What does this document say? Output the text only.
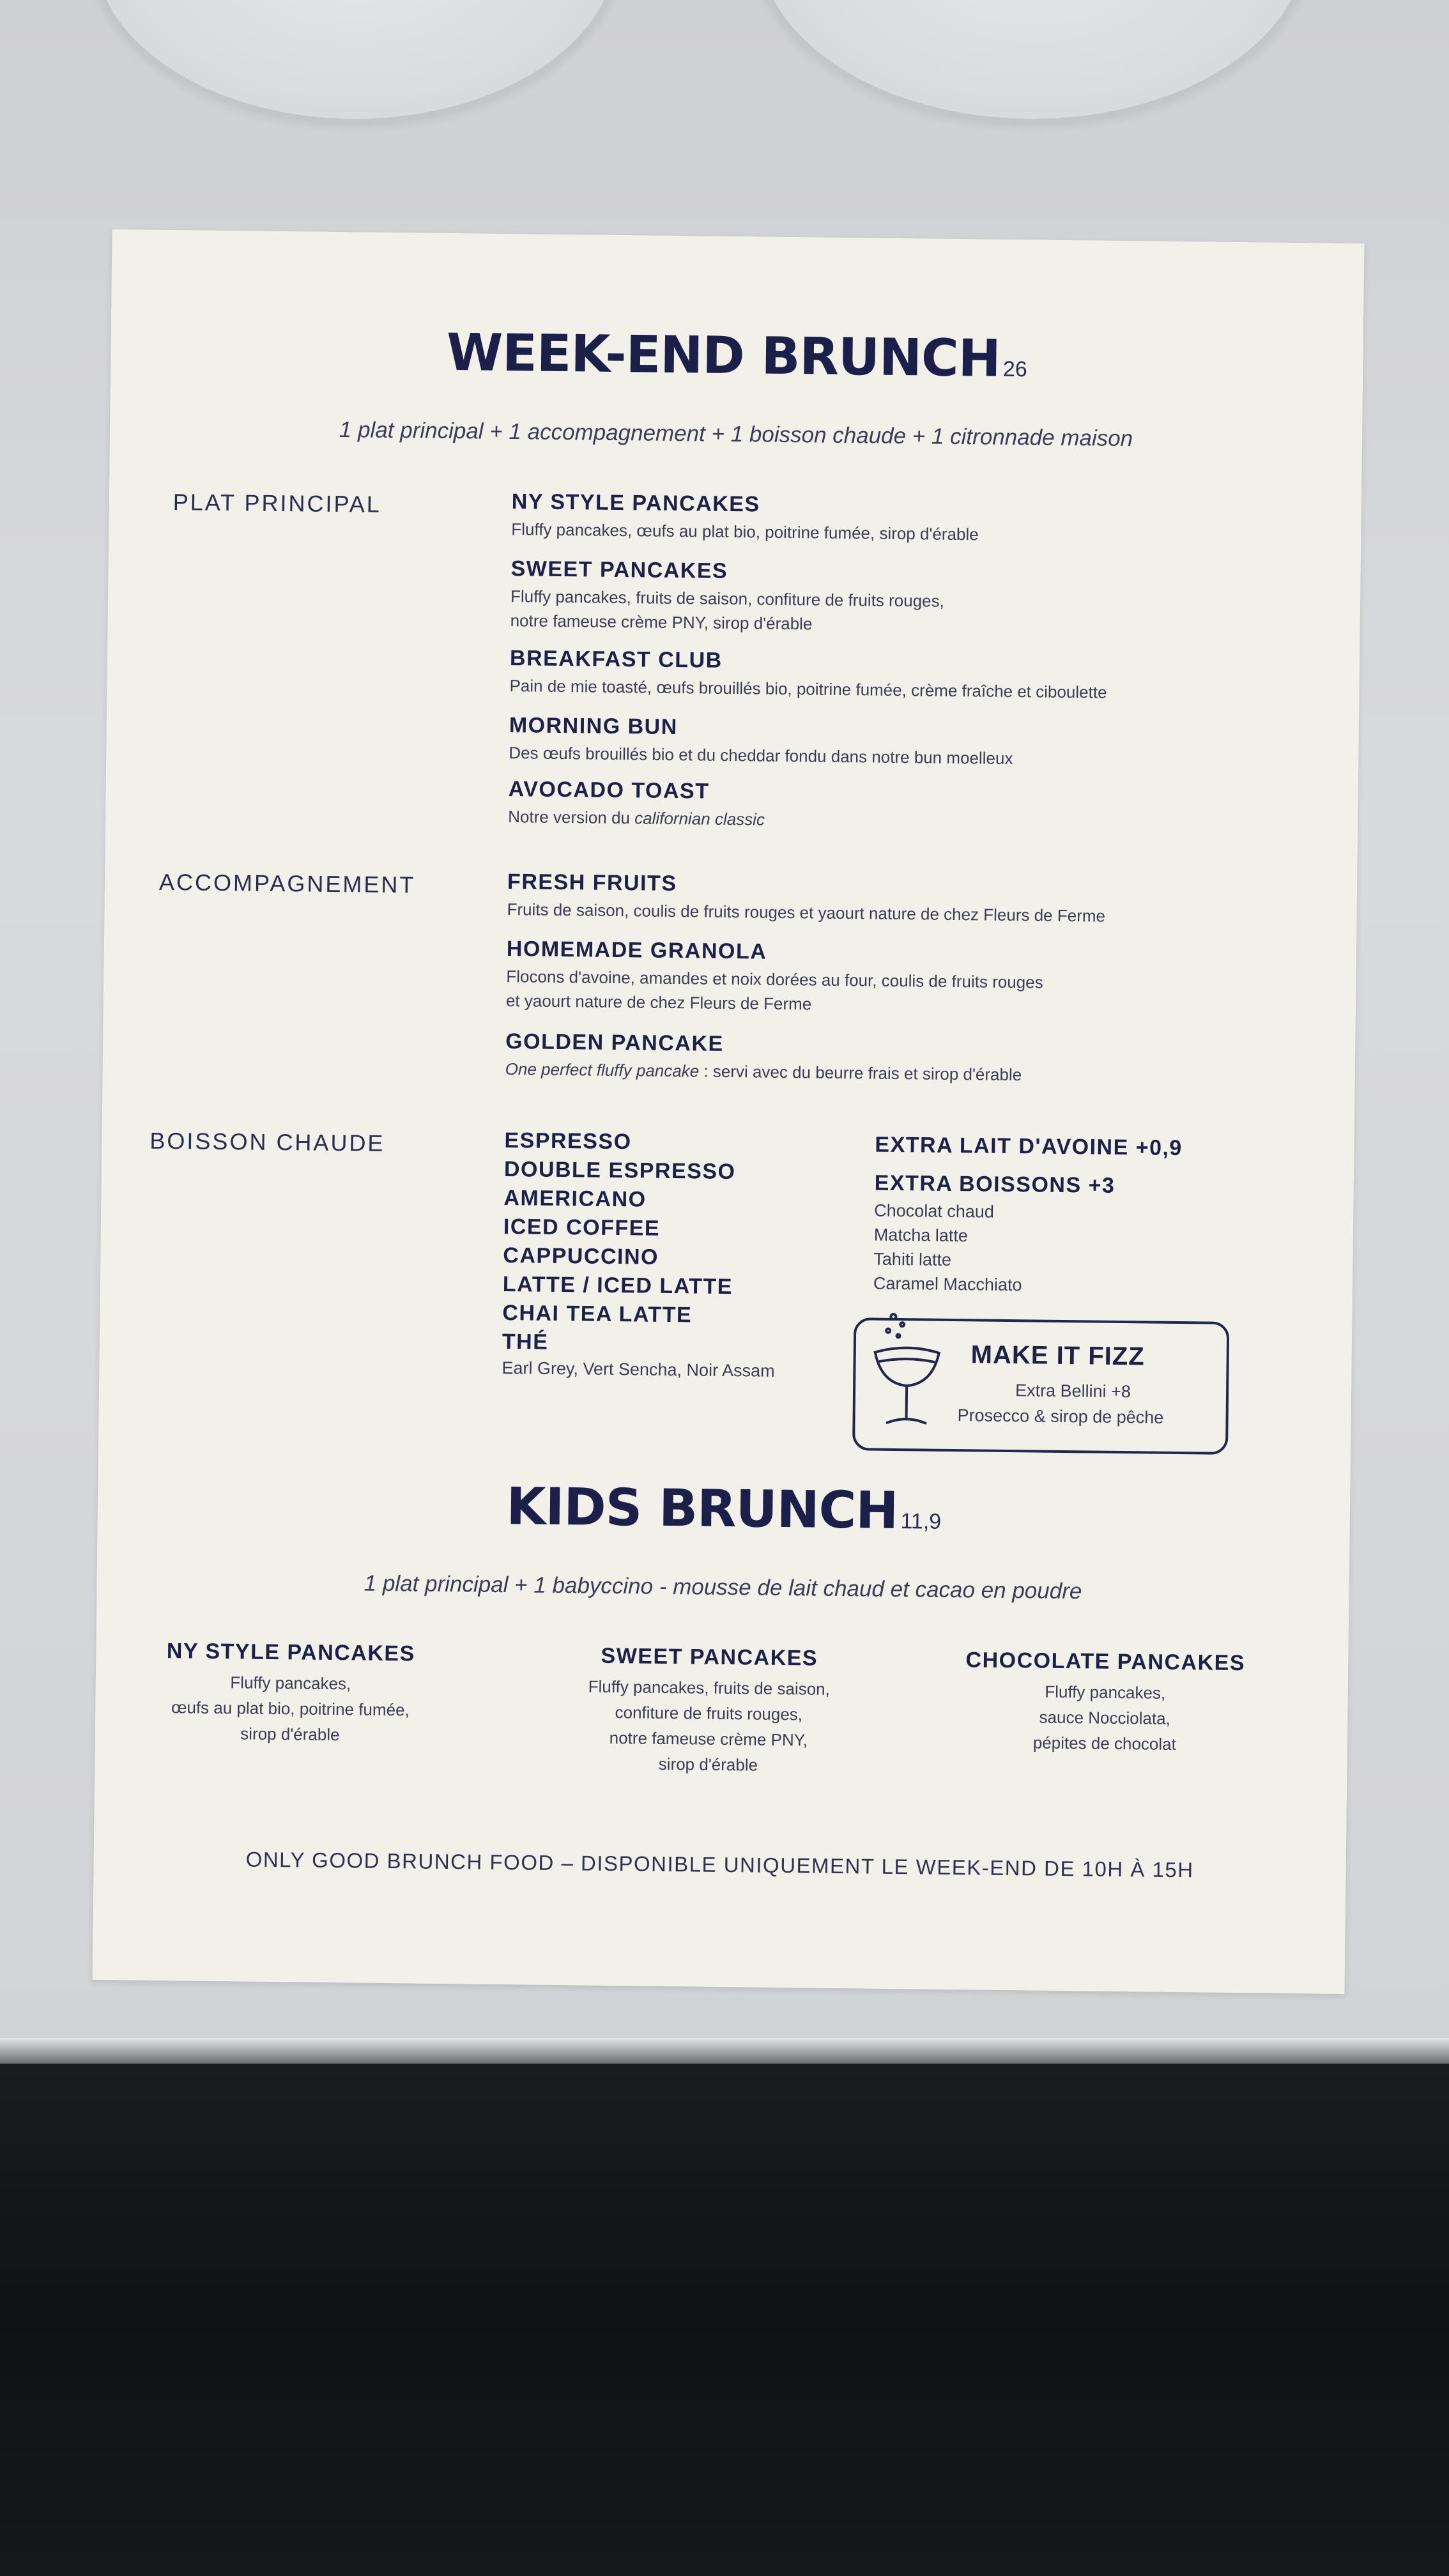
WEEK-END BRUNCH 26
1 plat principal + 1 accompagnement + 1 boisson chaude + 1 citronnade maison
PLAT PRINCIPAL	NY STYLE PANCAKES
Fluffy pancakes, œufs au plat bio, poitrine fumée, sirop d'érable
SWEET PANCAKES
Fluffy pancakes, fruits de saison, confiture de fruits rouges,
notre fameuse crème PNY, sirop d'érable
BREAKFAST CLUB
Pain de mie toasté, œufs brouillés bio, poitrine fumée, crème fraîche et ciboulette
MORNING BUN
Des œufs brouillés bio et du cheddar fondu dans notre bun moelleux
AVOCADO TOAST
Notre version du californian classic
ACCOMPAGNEMENT	FRESH FRUITS
Fruits de saison, coulis de fruits rouges et yaourt nature de chez Fleurs de Ferme
HOMEMADE GRANOLA
Flocons d'avoine, amandes et noix dorées au four, coulis de fruits rouges
et yaourt nature de chez Fleurs de Ferme
GOLDEN PANCAKE
One perfect fluffy pancake : servi avec du beurre frais et sirop d'érable
BOISSON CHAUDE	ESPRESSO
DOUBLE ESPRESSO
AMERICANO
ICED COFFEE
CAPPUCCINO
LATTE / ICED LATTE
CHAI TEA LATTE
THÉ
Earl Grey, Vert Sencha, Noir Assam
EXTRA LAIT D'AVOINE +0,9
EXTRA BOISSONS +3
Chocolat chaud
Matcha latte
Tahiti latte
Caramel Macchiato
MAKE IT FIZZ
Extra Bellini +8
Prosecco & sirop de pêche
KIDS BRUNCH 11,9
1 plat principal + 1 babyccino - mousse de lait chaud et cacao en poudre
NY STYLE PANCAKES
Fluffy pancakes,
œufs au plat bio, poitrine fumée,
sirop d'érable
SWEET PANCAKES
Fluffy pancakes, fruits de saison,
confiture de fruits rouges,
notre fameuse crème PNY,
sirop d'érable
CHOCOLATE PANCAKES
Fluffy pancakes,
sauce Nocciolata,
pépites de chocolat
ONLY GOOD BRUNCH FOOD – DISPONIBLE UNIQUEMENT LE WEEK-END DE 10H À 15H
